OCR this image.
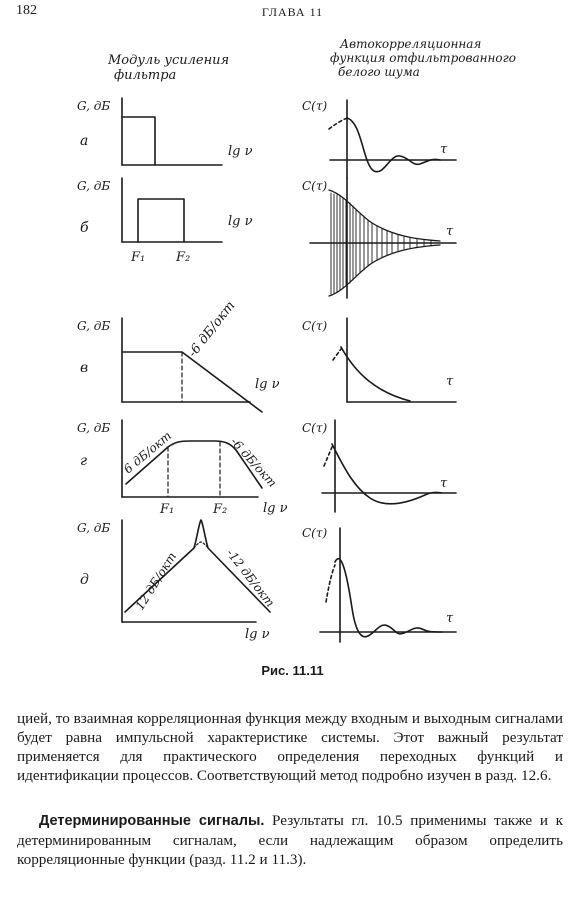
182	ГЛАВА 11
Модуль усиления
фильтра
Автокорреляционная
функция отфильтрованного
белого шума
G, дБ
а
lg ν
C(τ)
τ
G, дБ
б	lg ν
F₁ F₂
C(τ)
τ
G, дБ
в
-6 дБ/окт
lg ν
C(τ)
τ
G, дБ
г	6 дБ/окт	-6 дБ/окт
F₁	F₂	lg ν
C(τ)
τ
G, дБ
д	12 дБ/окт	-12 дБ/окт
lg ν
C(τ)
τ
Рис. 11.11
цией, то взаимная корреляционная функция между входным и выходным сигналами будет равна импульсной характеристике системы. Этот важный результат применяется для практического определения переходных функций и идентификации процессов. Соответствующий метод подробно изучен в разд. 12.6.
Детерминированные сигналы. Результаты гл. 10.5 применимы также и к детерминированным сигналам, если надлежащим образом определить корреляционные функции (разд. 11.2 и 11.3).
